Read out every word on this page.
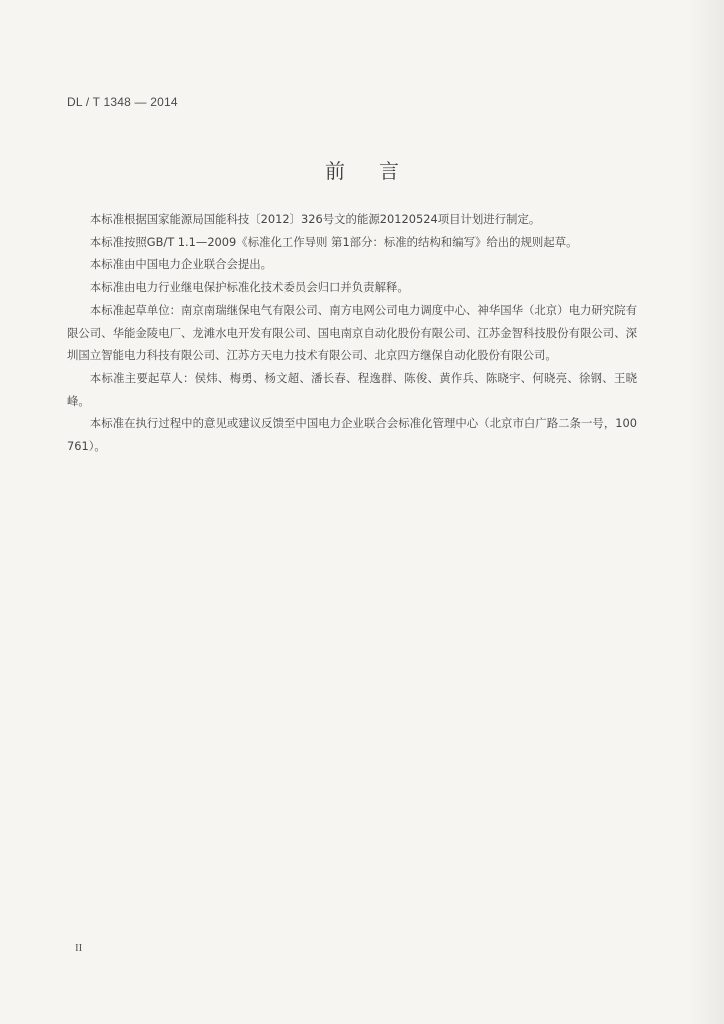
DL / T 1348 — 2014
前言

本标准根据国家能源局国能科技〔2012〕326号文的能源20120524项目计划进行制定。

本标准按照GB/T 1.1—2009《标准化工作导则 第1部分：标准的结构和编写》给出的规则起草。

本标准由中国电力企业联合会提出。

本标准由电力行业继电保护标准化技术委员会归口并负责解释。

本标准起草单位：南京南瑞继保电气有限公司、南方电网公司电力调度中心、神华国华（北京）电力研究院有限公司、华能金陵电厂、龙滩水电开发有限公司、国电南京自动化股份有限公司、江苏金智科技股份有限公司、深圳国立智能电力科技有限公司、江苏方天电力技术有限公司、北京四方继保自动化股份有限公司。

本标准主要起草人：侯炜、梅勇、杨文超、潘长春、程逸群、陈俊、黄作兵、陈晓宇、何晓亮、徐钢、王晓峰。

本标准在执行过程中的意见或建议反馈至中国电力企业联合会标准化管理中心（北京市白广路二条一号，100761）。

II
